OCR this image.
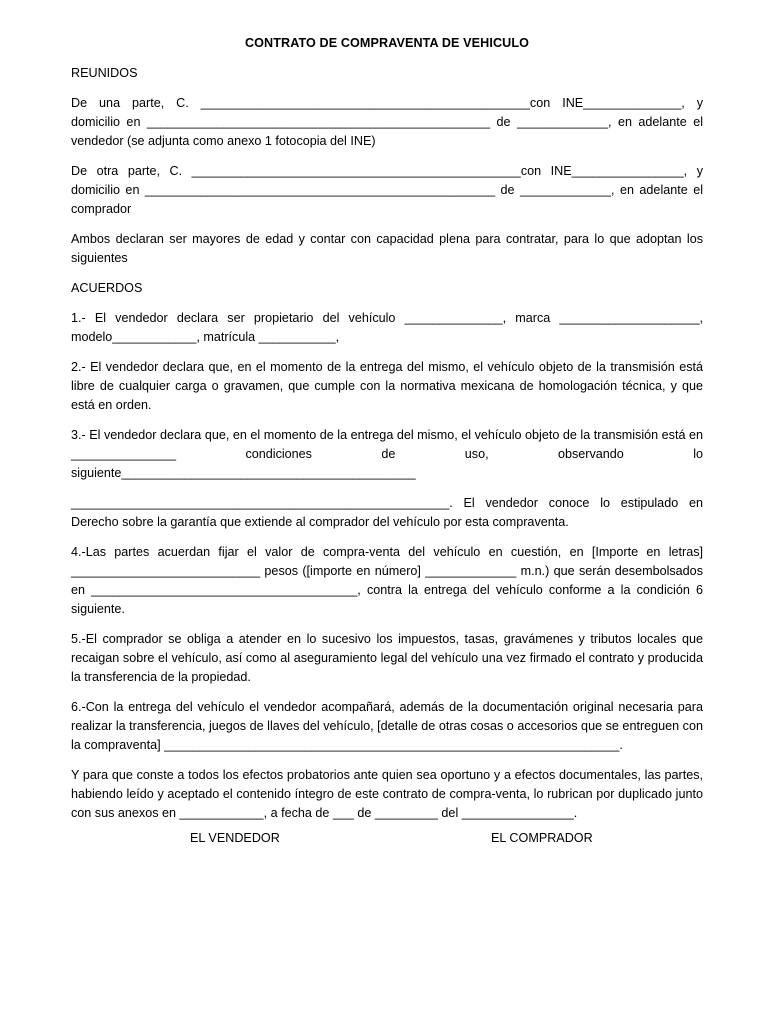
CONTRATO DE COMPRAVENTA DE VEHICULO
REUNIDOS

De una parte, C. _______________________________________________con INE______________, y domicilio en _________________________________________________ de _____________, en adelante el vendedor (se adjunta como anexo 1 fotocopia del INE)

De otra parte, C. _______________________________________________con INE________________, y domicilio en __________________________________________________ de _____________, en adelante el comprador

Ambos declaran ser mayores de edad y contar con capacidad plena para contratar, para lo que adoptan los siguientes

ACUERDOS

1.- El vendedor declara ser propietario del vehículo ______________, marca ____________________, modelo____________, matrícula ___________,

2.- El vendedor declara que, en el momento de la entrega del mismo, el vehículo objeto de la transmisión está libre de cualquier carga o gravamen, que cumple con la normativa mexicana de homologación técnica, y que está en orden.

3.- El vendedor declara que, en el momento de la entrega del mismo, el vehículo objeto de la transmisión está en _______________ condiciones de uso, observando lo siguiente__________________________________________

______________________________________________________. El vendedor conoce lo estipulado en Derecho sobre la garantía que extiende al comprador del vehículo por esta compraventa.

4.-Las partes acuerdan fijar el valor de compra-venta del vehículo en cuestión, en [Importe en letras] ___________________________ pesos ([importe en número] _____________ m.n.) que serán desembolsados en ______________________________________, contra la entrega del vehículo conforme a la condición 6 siguiente.

5.-El comprador se obliga a atender en lo sucesivo los impuestos, tasas, gravámenes y tributos locales que recaigan sobre el vehículo, así como al aseguramiento legal del vehículo una vez firmado el contrato y producida la transferencia de la propiedad.

6.-Con la entrega del vehículo el vendedor acompañará, además de la documentación original necesaria para realizar la transferencia, juegos de llaves del vehículo, [detalle de otras cosas o accesorios que se entreguen con la compraventa] _________________________________________________________________.

Y para que conste a todos los efectos probatorios ante quien sea oportuno y a efectos documentales, las partes, habiendo leído y aceptado el contenido íntegro de este contrato de compra-venta, lo rubrican por duplicado junto con sus anexos en ____________, a fecha de ___ de _________ del ________________.

EL VENDEDOR	EL COMPRADOR
